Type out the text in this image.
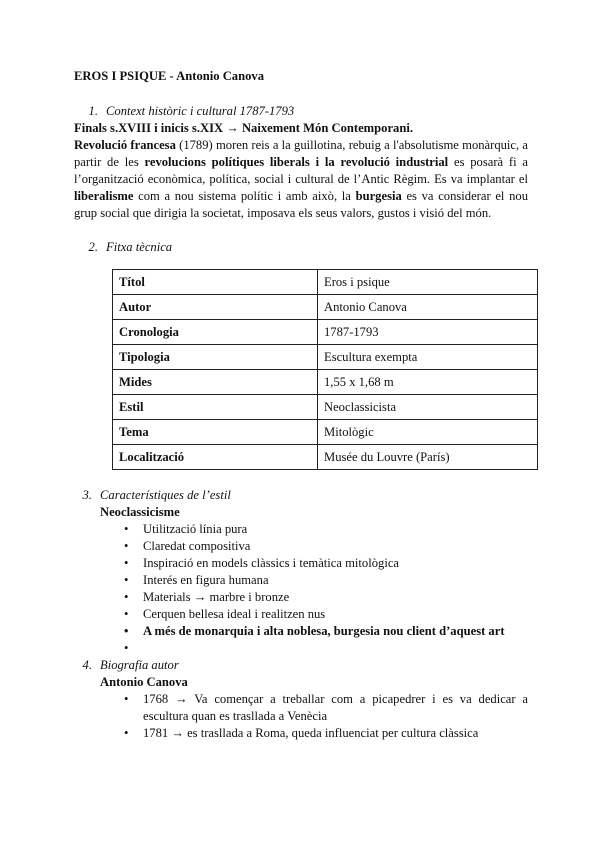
EROS I PSIQUE - Antonio Canova
1. Context històric i cultural 1787-1793
Finals s.XVIII i inicis s.XIX → Naixement Món Contemporani.

Revolució francesa (1789) moren reis a la guillotina, rebuig a l'absolutisme monàrquic, a partir de les revolucions polítiques liberals i la revolució industrial es posarà fi a l’organització econòmica, política, social i cultural de l’Antic Règim. Es va implantar el liberalisme com a nou sistema polític i amb això, la burgesia es va considerar el nou grup social que dirigia la societat, imposava els seus valors, gustos i visió del món.

2. Fitxa tècnica
Títol	Eros i psique
Autor	Antonio Canova
Cronologia	1787-1793
Tipologia	Escultura exempta
Mides	1,55 x 1,68 m
Estil	Neoclassicista
Tema	Mitològic
Localització	Musée du Louvre (París)
3. Característiques de l’estil
Neoclassicisme
• Utilització línia pura
• Claredat compositiva
• Inspiració en models clàssics i temàtica mitològica
• Interés en figura humana
• Materials → marbre i bronze
• Cerquen bellesa ideal i realitzen nus
• A més de monarquia i alta noblesa, burgesia nou client d’aquest art
•
4. Biografia autor
Antonio Canova
• 1768 → Va començar a treballar com a picapedrer i es va dedicar a escultura quan es trasllada a Venècia
• 1781 → es trasllada a Roma, queda influenciat per cultura clàssica
